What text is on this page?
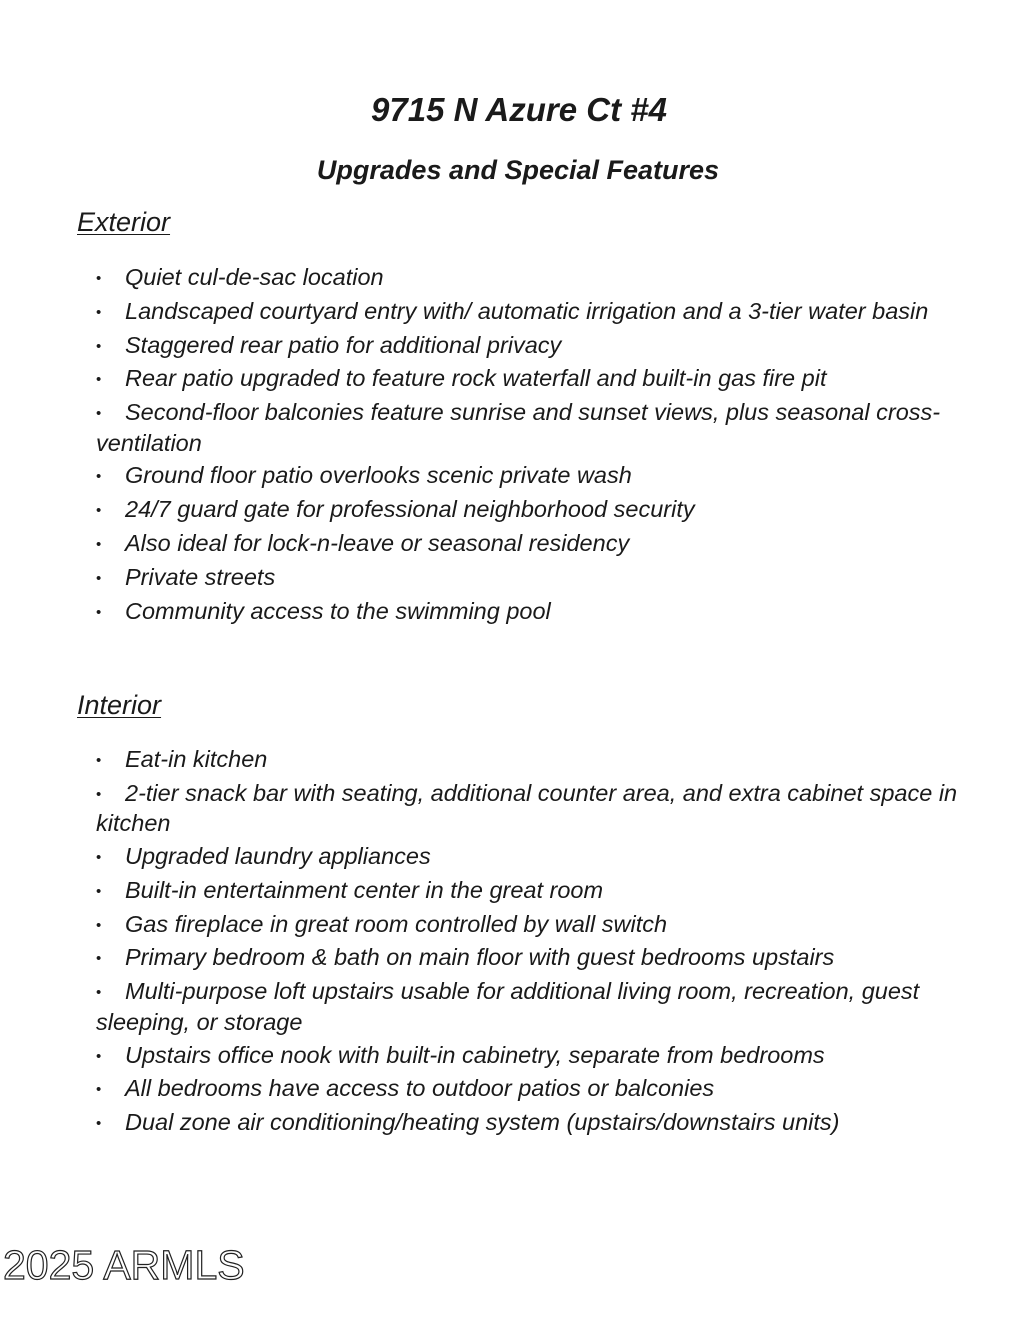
9715 N Azure Ct #4
Upgrades and Special Features
Exterior
• Quiet cul-de-sac location
• Landscaped courtyard entry with/ automatic irrigation and a 3-tier water basin
• Staggered rear patio for additional privacy
• Rear patio upgraded to feature rock waterfall and built-in gas fire pit
• Second-floor balconies feature sunrise and sunset views, plus seasonal cross-ventilation
• Ground floor patio overlooks scenic private wash
• 24/7 guard gate for professional neighborhood security
• Also ideal for lock-n-leave or seasonal residency
• Private streets
• Community access to the swimming pool
Interior
• Eat-in kitchen
• 2-tier snack bar with seating, additional counter area, and extra cabinet space in kitchen
• Upgraded laundry appliances
• Built-in entertainment center in the great room
• Gas fireplace in great room controlled by wall switch
• Primary bedroom & bath on main floor with guest bedrooms upstairs
• Multi-purpose loft upstairs usable for additional living room, recreation, guest sleeping, or storage
• Upstairs office nook with built-in cabinetry, separate from bedrooms
• All bedrooms have access to outdoor patios or balconies
• Dual zone air conditioning/heating system (upstairs/downstairs units)
2025 ARMLS
